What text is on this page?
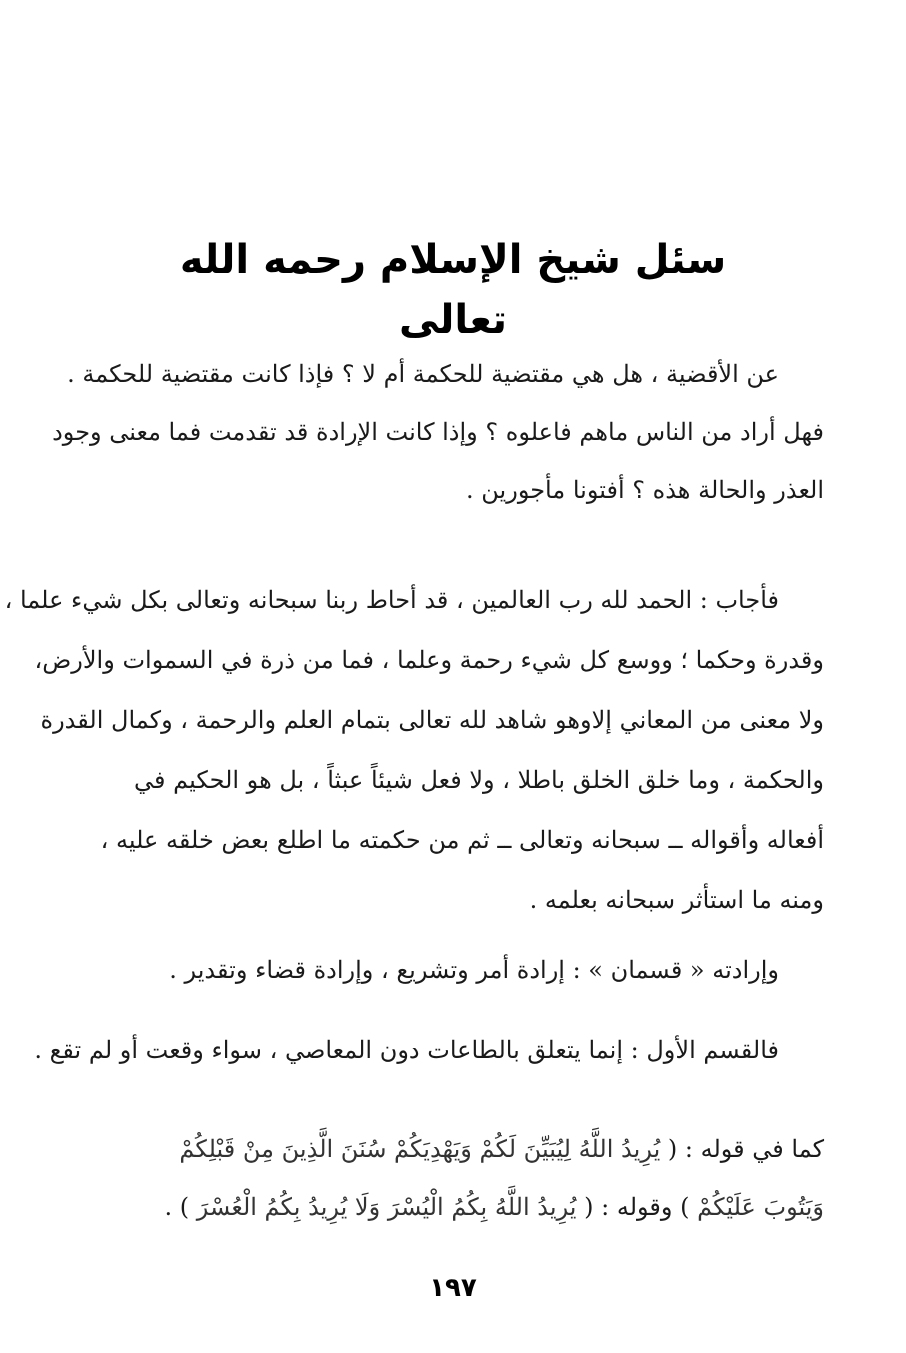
سئل شيخ الإسلام رحمه الله تعالى
عن الأقضية ، هل هي مقتضية للحكمة أم لا ؟ فإذا كانت مقتضية للحكمة .
فهل أراد من الناس ماهم فاعلوه ؟ وإذا كانت الإرادة قد تقدمت فما معنى وجود
العذر والحالة هذه ؟ أفتونا مأجورين .
فأجاب : الحمد لله رب العالمين ، قد أحاط ربنا سبحانه وتعالى بكل شيء علما ،
وقدرة وحكما ؛ ووسع كل شيء رحمة وعلما ، فما من ذرة في السموات والأرض،
ولا معنى من المعاني إلاوهو شاهد لله تعالى بتمام العلم والرحمة ، وكمال القدرة
والحكمة ، وما خلق الخلق باطلا ، ولا فعل شيئاً عبثاً ، بل هو الحكيم في
أفعاله وأقواله ــ سبحانه وتعالى ــ ثم من حكمته ما اطلع بعض خلقه عليه ،
ومنه ما استأثر سبحانه بعلمه .
وإرادته « قسمان » : إرادة أمر وتشريع ، وإرادة قضاء وتقدير .
فالقسم الأول : إنما يتعلق بالطاعات دون المعاصي ، سواء وقعت أو لم تقع .
كما في قوله : ( يُرِيدُ اللَّهُ لِيُبَيِّنَ لَكُمْ وَيَهْدِيَكُمْ سُنَنَ الَّذِينَ مِنْ قَبْلِكُمْ
وَيَتُوبَ عَلَيْكُمْ ) وقوله : ( يُرِيدُ اللَّهُ بِكُمُ الْيُسْرَ وَلَا يُرِيدُ بِكُمُ الْعُسْرَ ) .
١٩٧
